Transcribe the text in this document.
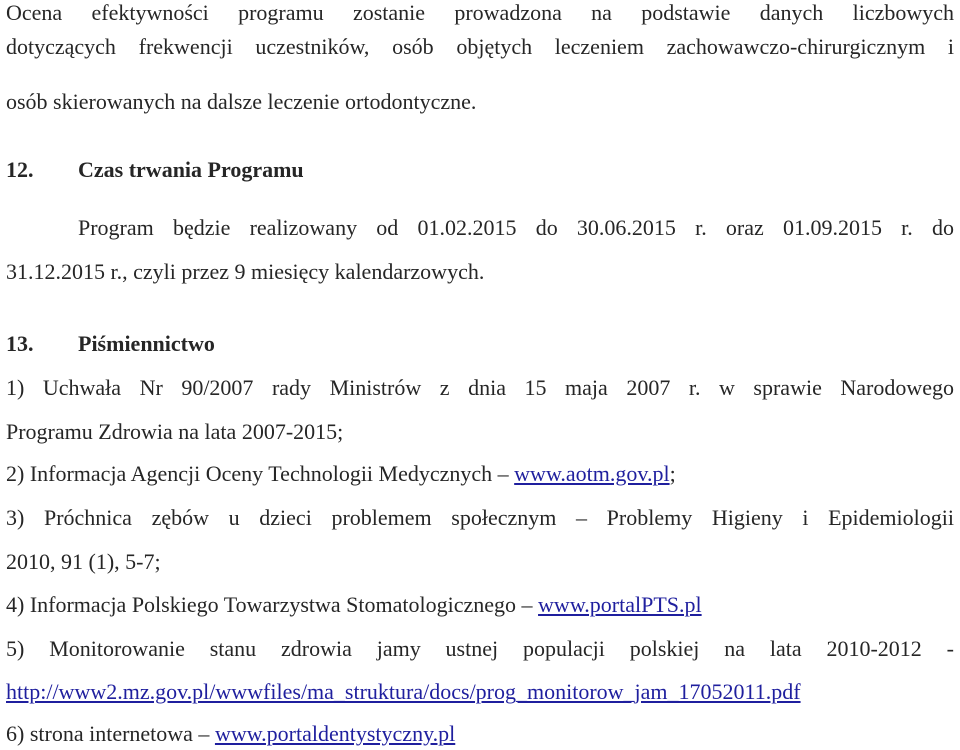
Ocena efektywności programu zostanie prowadzona na podstawie danych liczbowych
dotyczących frekwencji uczestników, osób objętych leczeniem zachowawczo-chirurgicznym i
osób skierowanych na dalsze leczenie ortodontyczne.
12. Czas trwania Programu
Program będzie realizowany od 01.02.2015 do 30.06.2015 r. oraz 01.09.2015 r. do
31.12.2015 r., czyli przez 9 miesięcy kalendarzowych.
13. Piśmiennictwo
1) Uchwała Nr 90/2007 rady Ministrów z dnia 15 maja 2007 r. w sprawie Narodowego
Programu Zdrowia na lata 2007-2015;
2) Informacja Agencji Oceny Technologii Medycznych – www.aotm.gov.pl;
3) Próchnica zębów u dzieci problemem społecznym – Problemy Higieny i Epidemiologii
2010, 91 (1), 5-7;
4) Informacja Polskiego Towarzystwa Stomatologicznego – www.portalPTS.pl
5) Monitorowanie stanu zdrowia jamy ustnej populacji polskiej na lata 2010-2012 -
http://www2.mz.gov.pl/wwwfiles/ma_struktura/docs/prog_monitorow_jam_17052011.pdf
6) strona internetowa – www.portaldentystyczny.pl
